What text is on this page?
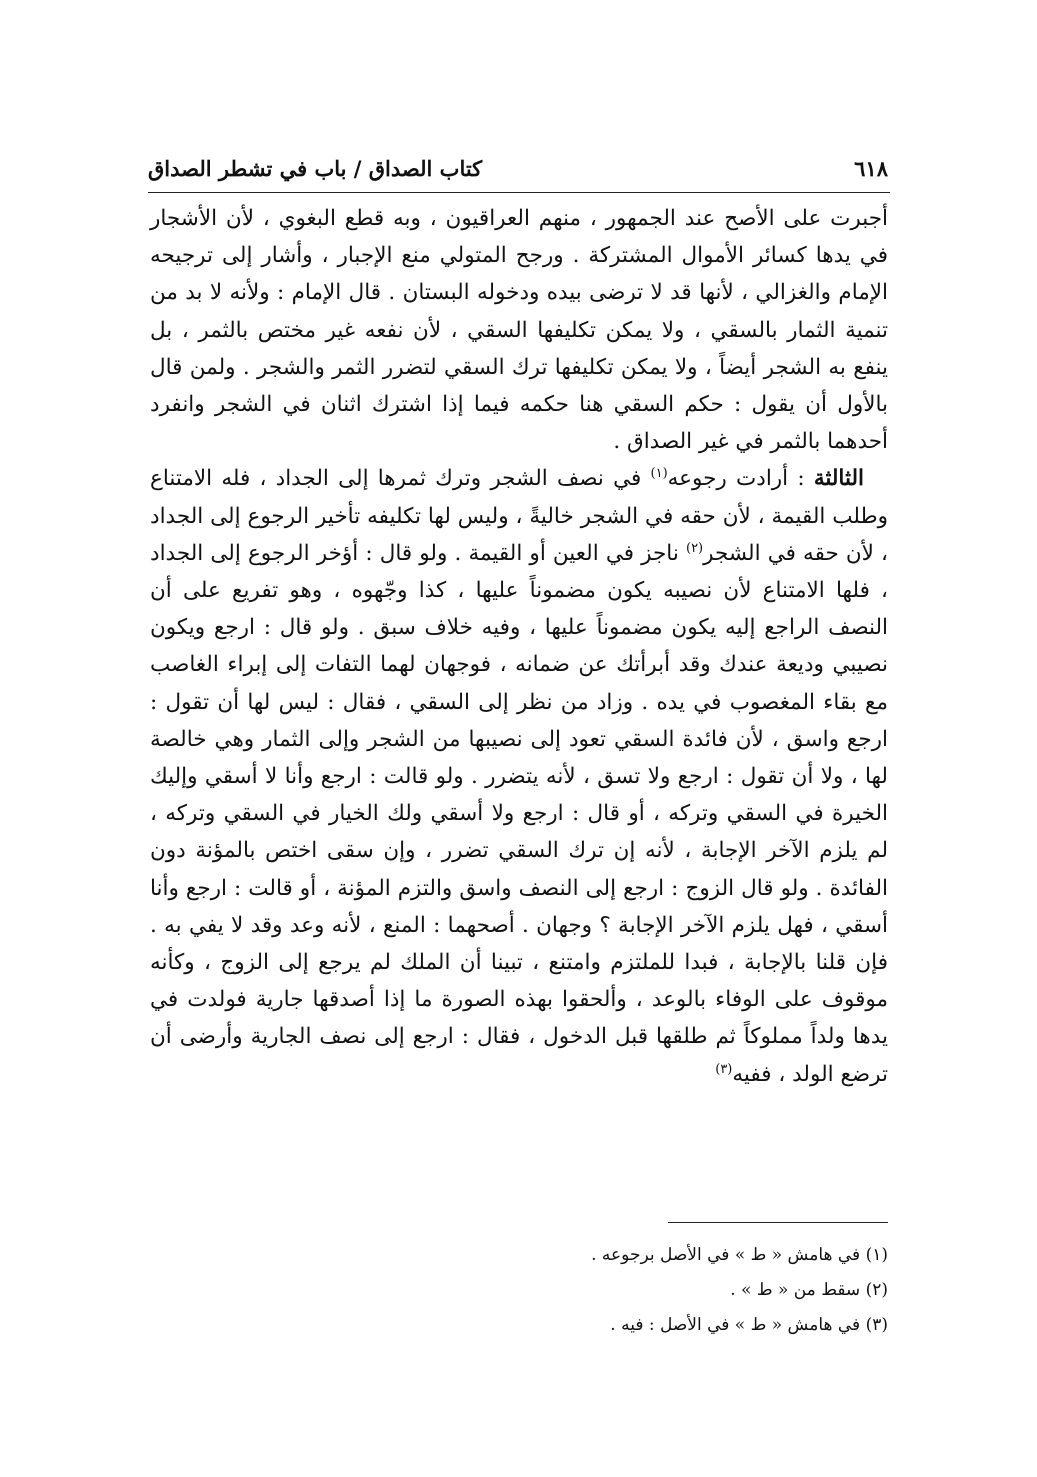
كتاب الصداق / باب في تشطر الصداق	٦١٨

أجبرت على الأصح عند الجمهور ، منهم العراقيون ، وبه قطع البغوي ، لأن الأشجار في يدها كسائر الأموال المشتركة . ورجح المتولي منع الإجبار ، وأشار إلى ترجيحه الإمام والغزالي ، لأنها قد لا ترضى بيده ودخوله البستان . قال الإمام : ولأنه لا بد من تنمية الثمار بالسقي ، ولا يمكن تكليفها السقي ، لأن نفعه غير مختص بالثمر ، بل ينفع به الشجر أيضاً ، ولا يمكن تكليفها ترك السقي لتضرر الثمر والشجر . ولمن قال بالأول أن يقول : حكم السقي هنا حكمه فيما إذا اشترك اثنان في الشجر وانفرد أحدهما بالثمر في غير الصداق .

الثالثة : أرادت رجوعه$^{(١)}$ في نصف الشجر وترك ثمرها إلى الجداد ، فله الامتناع وطلب القيمة ، لأن حقه في الشجر خاليةً ، وليس لها تكليفه تأخير الرجوع إلى الجداد ، لأن حقه في الشجر$^{(٢)}$ ناجز في العين أو القيمة . ولو قال : أؤخر الرجوع إلى الجداد ، فلها الامتناع لأن نصيبه يكون مضموناً عليها ، كذا وجّهوه ، وهو تفريع على أن النصف الراجع إليه يكون مضموناً عليها ، وفيه خلاف سبق . ولو قال : ارجع ويكون نصيبي وديعة عندك وقد أبرأتك عن ضمانه ، فوجهان لهما التفات إلى إبراء الغاصب مع بقاء المغصوب في يده . وزاد من نظر إلى السقي ، فقال : ليس لها أن تقول : ارجع واسق ، لأن فائدة السقي تعود إلى نصيبها من الشجر وإلى الثمار وهي خالصة لها ، ولا أن تقول : ارجع ولا تسق ، لأنه يتضرر . ولو قالت : ارجع وأنا لا أسقي وإليك الخيرة في السقي وتركه ، أو قال : ارجع ولا أسقي ولك الخيار في السقي وتركه ، لم يلزم الآخر الإجابة ، لأنه إن ترك السقي تضرر ، وإن سقى اختص بالمؤنة دون الفائدة . ولو قال الزوج : ارجع إلى النصف واسق والتزم المؤنة ، أو قالت : ارجع وأنا أسقي ، فهل يلزم الآخر الإجابة ؟ وجهان . أصحهما : المنع ، لأنه وعد وقد لا يفي به . فإن قلنا بالإجابة ، فبدا للملتزم وامتنع ، تبينا أن الملك لم يرجع إلى الزوج ، وكأنه موقوف على الوفاء بالوعد ، وألحقوا بهذه الصورة ما إذا أصدقها جارية فولدت في يدها ولداً مملوكاً ثم طلقها قبل الدخول ، فقال : ارجع إلى نصف الجارية وأرضى أن ترضع الولد ، ففيه$^{(٣)}$

(١) في هامش « ط » في الأصل برجوعه .
(٢) سقط من « ط » .
(٣) في هامش « ط » في الأصل : فيه .
